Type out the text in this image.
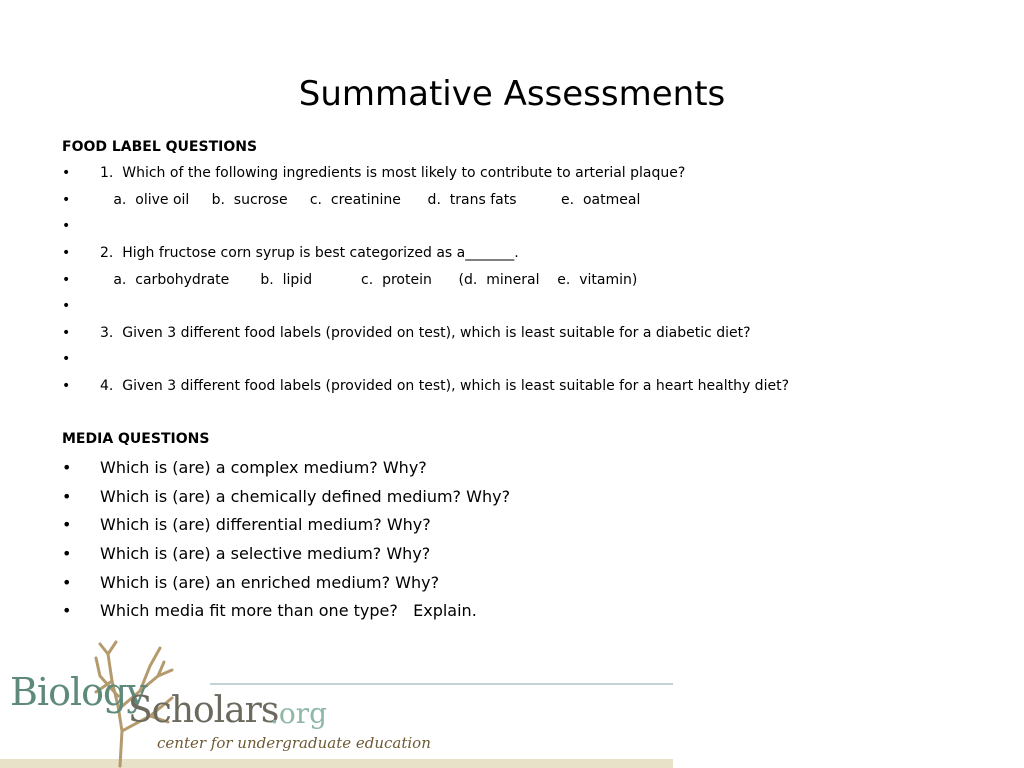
Summative Assessments
FOOD LABEL QUESTIONS
• 1.  Which of the following ingredients is most likely to contribute to arterial plaque?
• a.  olive oil     b.  sucrose     c.  creatinine      d.  trans fats          e.  oatmeal
•
• 2.  High fructose corn syrup is best categorized as a_______.
• a.  carbohydrate       b.  lipid           c.  protein      (d.  mineral    e.  vitamin)
•
• 3.  Given 3 different food labels (provided on test), which is least suitable for a diabetic diet?
•
• 4.  Given 3 different food labels (provided on test), which is least suitable for a heart healthy diet?
MEDIA QUESTIONS
• Which is (are) a complex medium? Why?
• Which is (are) a chemically defined medium? Why?
• Which is (are) differential medium? Why?
• Which is (are) a selective medium? Why?
• Which is (are) an enriched medium? Why?
• Which media fit more than one type?   Explain.
Biology
Scholars
.org
center for undergraduate education
